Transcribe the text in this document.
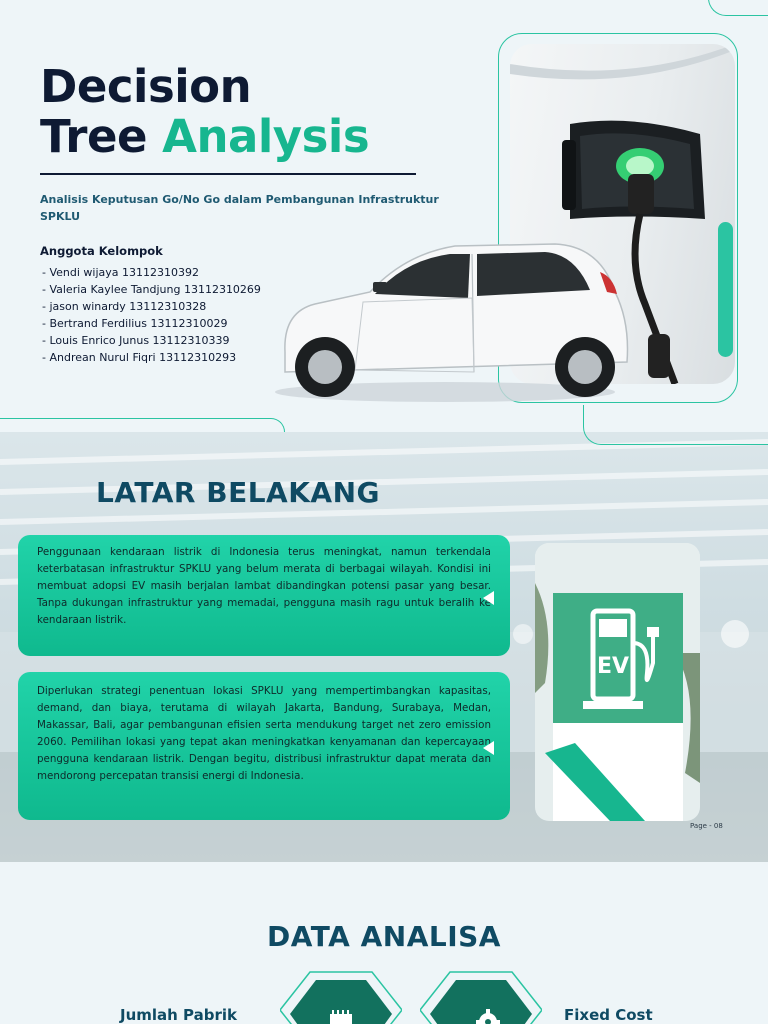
Decision
Tree Analysis

Analisis Keputusan Go/No Go dalam Pembangunan Infrastruktur SPKLU

Anggota Kelompok
- Vendi wijaya 13112310392
- Valeria Kaylee Tandjung 13112310269
- jason winardy 13112310328
- Bertrand Ferdilius 13112310029
- Louis Enrico Junus 13112310339
- Andrean Nurul Fiqri 13112310293
LATAR BELAKANG

Penggunaan kendaraan listrik di Indonesia terus meningkat, namun terkendala keterbatasan infrastruktur SPKLU yang belum merata di berbagai wilayah. Kondisi ini membuat adopsi EV masih berjalan lambat dibandingkan potensi pasar yang besar. Tanpa dukungan infrastruktur yang memadai, pengguna masih ragu untuk beralih ke kendaraan listrik.

Diperlukan strategi penentuan lokasi SPKLU yang mempertimbangkan kapasitas, demand, dan biaya, terutama di wilayah Jakarta, Bandung, Surabaya, Medan, Makassar, Bali, agar pembangunan efisien serta mendukung target net zero emission 2060. Pemilihan lokasi yang tepat akan meningkatkan kenyamanan dan kepercayaan pengguna kendaraan listrik. Dengan begitu, distribusi infrastruktur dapat merata dan mendorong percepatan transisi energi di Indonesia.

EV
Page - 08
DATA ANALISA
Jumlah Pabrik	Fixed Cost
